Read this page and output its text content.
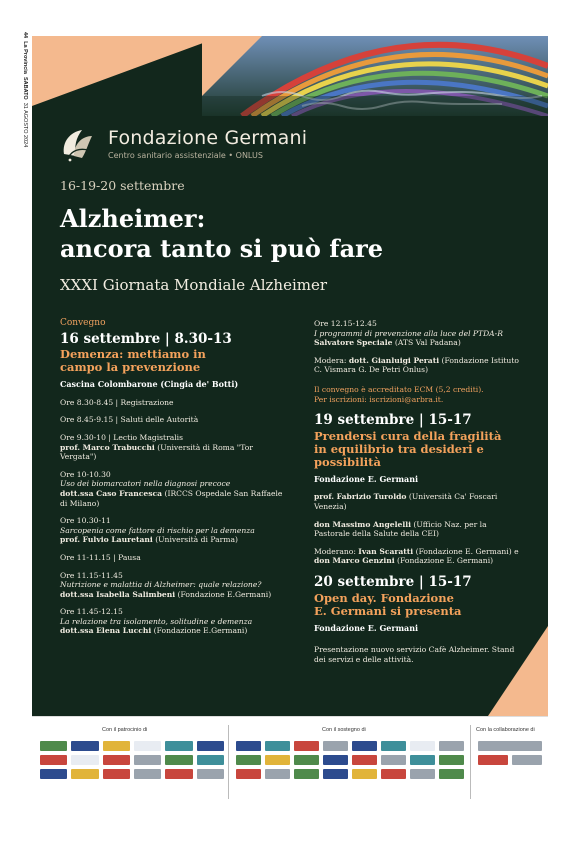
44  La Provincia  SABATO  31 AGOSTO 2024	Fondazione Germani
Centro sanitario assistenziale • ONLUS
16-19-20 settembre
Alzheimer:
ancora tanto si può fare
XXXI Giornata Mondiale Alzheimer
Convegno
16 settembre | 8.30-13
Demenza: mettiamo in
campo la prevenzione
Cascina Colombarone (Cingia de' Botti)
Ore 8.30-8.45 | Registrazione
Ore 8.45-9.15 | Saluti delle Autorità
Ore 9.30-10 | Lectio Magistralis
prof. Marco Trabucchi (Università di Roma "Tor Vergata")
Ore 10-10.30
Uso dei biomarcatori nella diagnosi precoce
dott.ssa Caso Francesca (IRCCS Ospedale San Raffaele di Milano)
Ore 10.30-11
Sarcopenia come fattore di rischio per la demenza
prof. Fulvio Lauretani (Università di Parma)
Ore 11-11.15 | Pausa
Ore 11.15-11.45
Nutrizione e malattia di Alzheimer: quale relazione?
dott.ssa Isabella Salimbeni (Fondazione E.Germani)
Ore 11.45-12.15
La relazione tra isolamento, solitudine e demenza
dott.ssa Elena Lucchi (Fondazione E.Germani)
Ore 12.15-12.45
I programmi di prevenzione alla luce del PTDA-R
Salvatore Speciale (ATS Val Padana)
Modera: dott. Gianluigi Perati (Fondazione Istituto C. Vismara G. De Petri Onlus)
Il convegno è accreditato ECM (5,2 crediti).
Per iscrizioni: iscrizioni@arbra.it.
19 settembre | 15-17
Prendersi cura della fragilità
in equilibrio tra desideri e
possibilità
Fondazione E. Germani
prof. Fabrizio Turoldo (Università Ca' Foscari Venezia)
don Massimo Angelelli (Ufficio Naz. per la Pastorale della Salute della CEI)
Moderano: Ivan Scaratti (Fondazione E. Germani) e don Marco Genzini (Fondazione E. Germani)
20 settembre | 15-17
Open day. Fondazione
E. Germani si presenta
Fondazione E. Germani
Presentazione nuovo servizio Cafè Alzheimer. Stand dei servizi e delle attività.
Con il patrocinio di	Con il sostegno di	Con la collaborazione di
